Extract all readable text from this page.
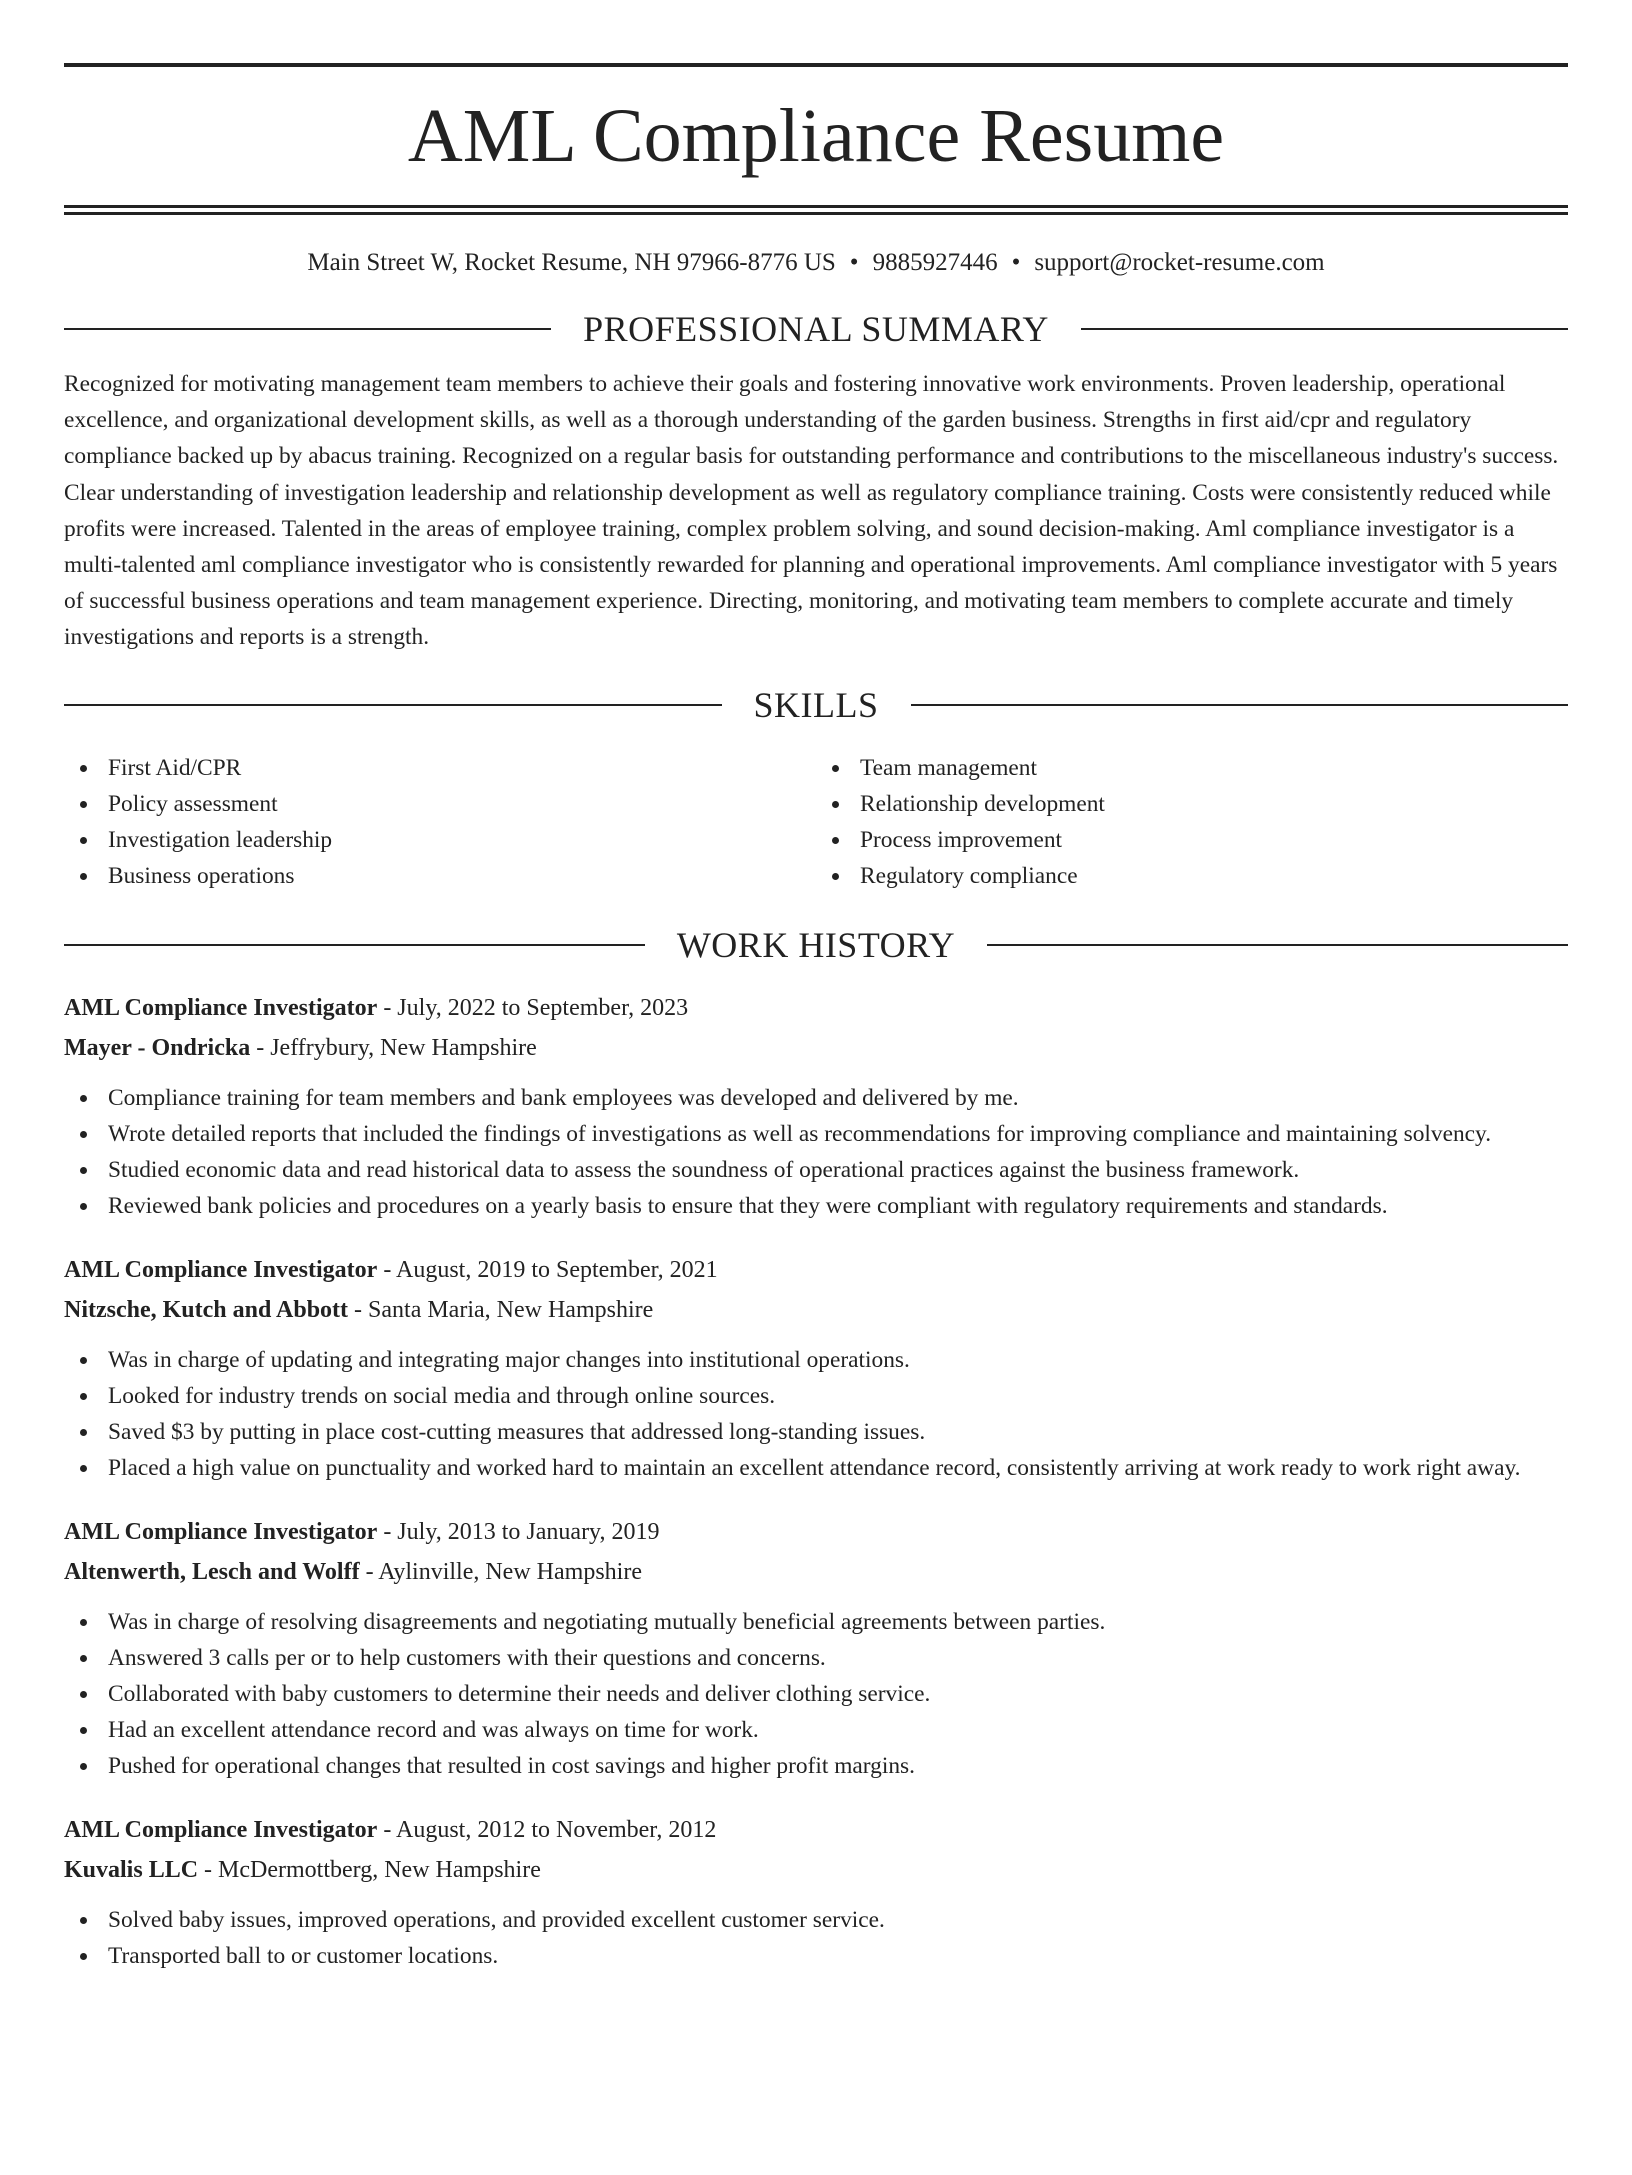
AML Compliance Resume
Main Street W, Rocket Resume, NH 97966-8776 US • 9885927446 • support@rocket-resume.com
PROFESSIONAL SUMMARY
Recognized for motivating management team members to achieve their goals and fostering innovative work environments. Proven leadership, operational excellence, and organizational development skills, as well as a thorough understanding of the garden business. Strengths in first aid/cpr and regulatory compliance backed up by abacus training. Recognized on a regular basis for outstanding performance and contributions to the miscellaneous industry's success. Clear understanding of investigation leadership and relationship development as well as regulatory compliance training. Costs were consistently reduced while profits were increased. Talented in the areas of employee training, complex problem solving, and sound decision-making. Aml compliance investigator is a multi-talented aml compliance investigator who is consistently rewarded for planning and operational improvements. Aml compliance investigator with 5 years of successful business operations and team management experience. Directing, monitoring, and motivating team members to complete accurate and timely investigations and reports is a strength.
SKILLS
First Aid/CPR
Policy assessment
Investigation leadership
Business operations
Team management
Relationship development
Process improvement
Regulatory compliance
WORK HISTORY
AML Compliance Investigator - July, 2022 to September, 2023
Mayer - Ondricka - Jeffrybury, New Hampshire
Compliance training for team members and bank employees was developed and delivered by me.
Wrote detailed reports that included the findings of investigations as well as recommendations for improving compliance and maintaining solvency.
Studied economic data and read historical data to assess the soundness of operational practices against the business framework.
Reviewed bank policies and procedures on a yearly basis to ensure that they were compliant with regulatory requirements and standards.
AML Compliance Investigator - August, 2019 to September, 2021
Nitzsche, Kutch and Abbott - Santa Maria, New Hampshire
Was in charge of updating and integrating major changes into institutional operations.
Looked for industry trends on social media and through online sources.
Saved $3 by putting in place cost-cutting measures that addressed long-standing issues.
Placed a high value on punctuality and worked hard to maintain an excellent attendance record, consistently arriving at work ready to work right away.
AML Compliance Investigator - July, 2013 to January, 2019
Altenwerth, Lesch and Wolff - Aylinville, New Hampshire
Was in charge of resolving disagreements and negotiating mutually beneficial agreements between parties.
Answered 3 calls per or to help customers with their questions and concerns.
Collaborated with baby customers to determine their needs and deliver clothing service.
Had an excellent attendance record and was always on time for work.
Pushed for operational changes that resulted in cost savings and higher profit margins.
AML Compliance Investigator - August, 2012 to November, 2012
Kuvalis LLC - McDermottberg, New Hampshire
Solved baby issues, improved operations, and provided excellent customer service.
Transported ball to or customer locations.
